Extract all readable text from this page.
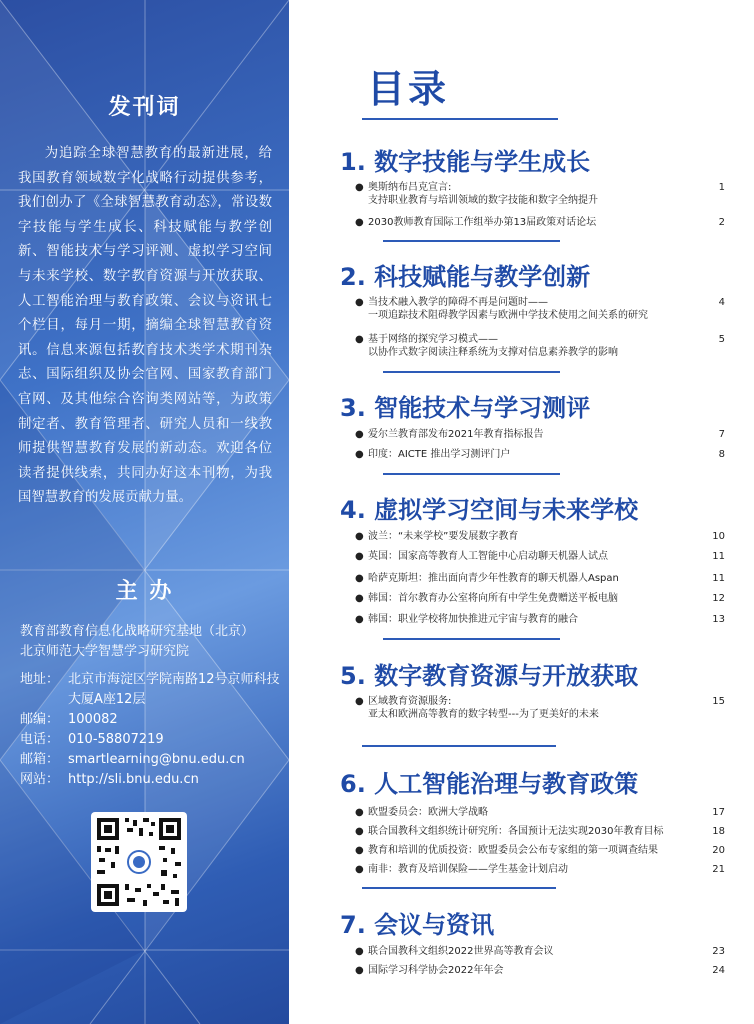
发刊词
为追踪全球智慧教育的最新进展，给我国教育领域数字化战略行动提供参考，我们创办了《全球智慧教育动态》，常设数字技能与学生成长、科技赋能与教学创新、智能技术与学习评测、虚拟学习空间与未来学校、数字教育资源与开放获取、人工智能治理与教育政策、会议与资讯七个栏目，每月一期，摘编全球智慧教育资讯。信息来源包括教育技术类学术期刊杂志、国际组织及协会官网、国家教育部门官网、及其他综合咨询类网站等，为政策制定者、教育管理者、研究人员和一线教师提供智慧教育发展的新动态。欢迎各位读者提供线索，共同办好这本刊物，为我国智慧教育的发展贡献力量。
主 办
教育部教育信息化战略研究基地（北京）
北京师范大学智慧学习研究院
地址： 北京市海淀区学院南路12号京师科技大厦A座12层
邮编： 100082
电话： 010-58807219
邮箱： smartlearning@bnu.edu.cn
网站： http://sli.bnu.edu.cn
目录
1. 数字技能与学生成长
● 奥斯纳布吕克宣言:	1
支持职业教育与培训领域的数字技能和数字全纳提升
● 2030教师教育国际工作组举办第13届政策对话论坛	2
2. 科技赋能与教学创新
● 当技术融入教学的障碍不再是问题时——	4
一项追踪技术阻碍教学因素与欧洲中学技术使用之间关系的研究
● 基于网络的探究学习模式——	5
以协作式数字阅读注释系统为支撑对信息素养教学的影响
3. 智能技术与学习测评
● 爱尔兰教育部发布2021年教育指标报告	7
● 印度：AICTE 推出学习测评门户	8
4. 虚拟学习空间与未来学校
● 波兰：“未来学校”要发展数字教育	10
● 英国：国家高等教育人工智能中心启动聊天机器人试点	11
● 哈萨克斯坦：推出面向青少年性教育的聊天机器人Aspan	11
● 韩国：首尔教育办公室将向所有中学生免费赠送平板电脑	12
● 韩国：职业学校将加快推进元宇宙与教育的融合	13
5. 数字教育资源与开放获取
● 区域教育资源服务:	15
亚太和欧洲高等教育的数字转型---为了更美好的未来
6. 人工智能治理与教育政策
● 欧盟委员会：欧洲大学战略	17
● 联合国教科文组织统计研究所：各国预计无法实现2030年教育目标	18
● 教育和培训的优质投资：欧盟委员会公布专家组的第一项调查结果	20
● 南非：教育及培训保险——学生基金计划启动	21
7. 会议与资讯
● 联合国教科文组织2022世界高等教育会议	23
● 国际学习科学协会2022年年会	24
